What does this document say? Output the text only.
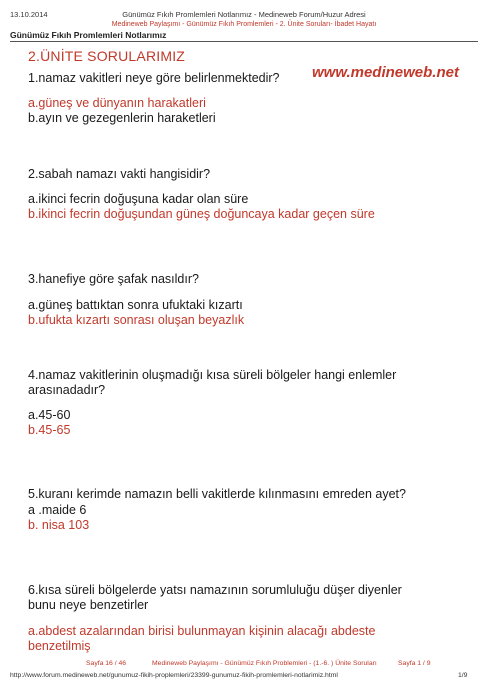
13.10.2014	Günümüz Fıkıh Promlemleri Notlarımız - Medineweb Forum/Huzur Adresi
Medineweb Paylaşımı - Günümüz Fıkıh Promlemleri - 2. Ünite Soruları- İbadet Hayatı
Günümüz Fıkıh Promlemleri Notlarımız
2.ÜNİTE SORULARIMIZ
www.medineweb.net
1.namaz vakitleri neye göre belirlenmektedir?
a.güneş ve dünyanın harakatleri
b.ayın ve gezegenlerin haraketleri
2.sabah namazı vakti hangisidir?
a.ikinci fecrin doğuşuna kadar olan süre
b.ikinci fecrin doğuşundan güneş doğuncaya kadar geçen süre
3.hanefiye göre şafak nasıldır?
a.güneş battıktan sonra ufuktaki kızartı
b.ufukta kızartı sonrası oluşan beyazlık
4.namaz vakitlerinin oluşmadığı kısa süreli bölgeler hangi enlemler
arasınadadır?
a.45-60
b.45-65
5.kuranı kerimde namazın belli vakitlerde kılınmasını emreden ayet?
a .maide 6
b. nisa 103
6.kısa süreli bölgelerde yatsı namazının sorumluluğu düşer diyenler
bunu neye benzetirler
a.abdest azalarından birisi bulunmayan kişinin alacağı abdeste
benzetilmiş
Sayfa 16 / 46	Medineweb Paylaşımı - Günümüz Fıkıh Problemleri - (1.-6. ) Ünite Soruları	Sayfa 1 / 9
http://www.forum.medineweb.net/gunumuz-fikih-proplemleri/23399-gunumuz-fikih-promlemleri-notlarimiz.html	1/9
